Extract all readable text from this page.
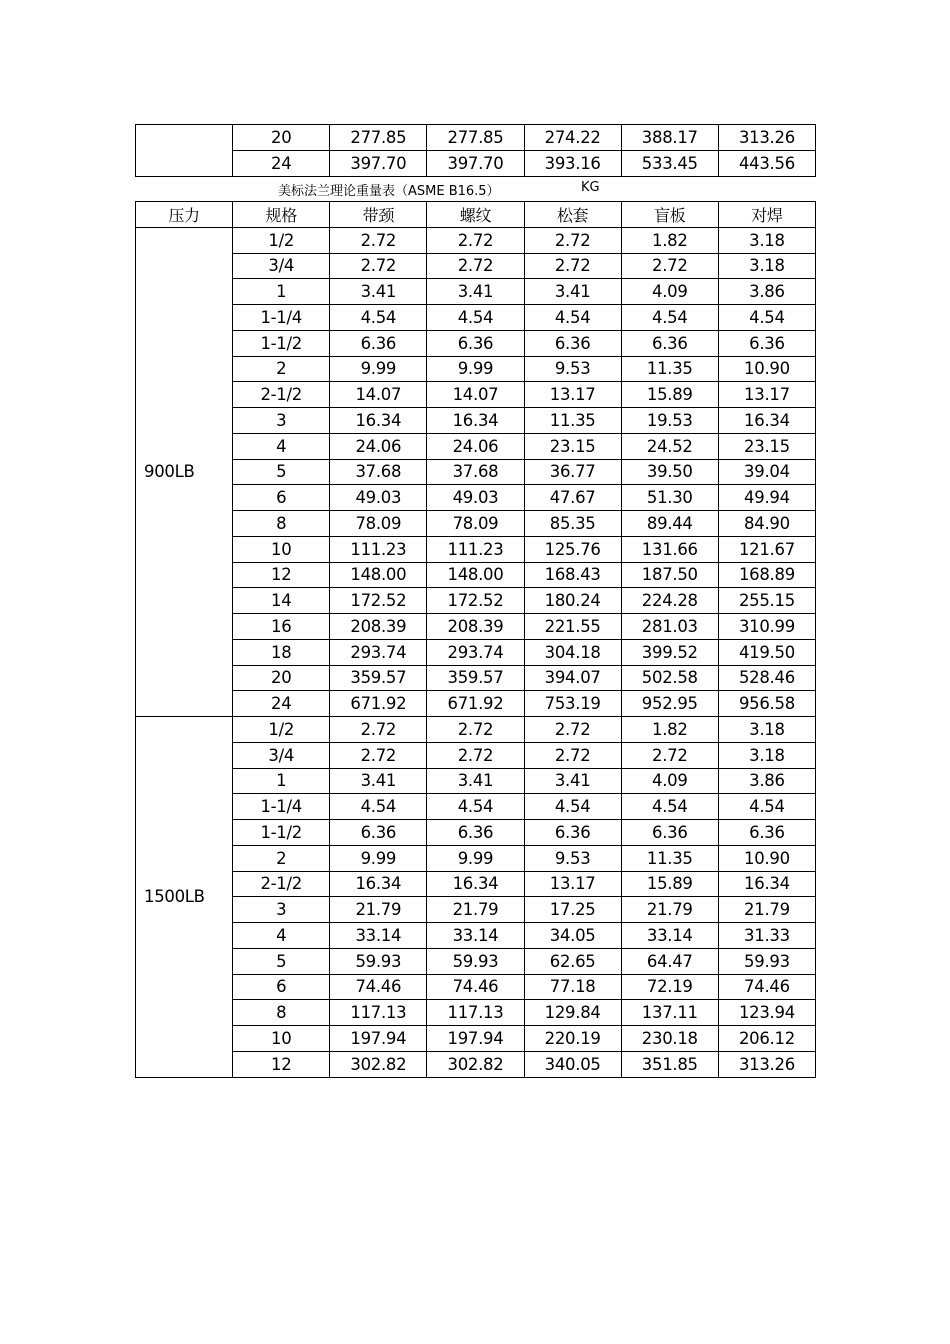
	20	277.85	277.85	274.22	388.17	313.26
	24	397.70	397.70	393.16	533.45	443.56
美标法兰理论重量表（ASME B16.5）	KG
压力	规格	带颈	螺纹	松套	盲板	对焊
900LB	1/2	2.72	2.72	2.72	1.82	3.18
	3/4	2.72	2.72	2.72	2.72	3.18
	1	3.41	3.41	3.41	4.09	3.86
	1-1/4	4.54	4.54	4.54	4.54	4.54
	1-1/2	6.36	6.36	6.36	6.36	6.36
	2	9.99	9.99	9.53	11.35	10.90
	2-1/2	14.07	14.07	13.17	15.89	13.17
	3	16.34	16.34	11.35	19.53	16.34
	4	24.06	24.06	23.15	24.52	23.15
	5	37.68	37.68	36.77	39.50	39.04
	6	49.03	49.03	47.67	51.30	49.94
	8	78.09	78.09	85.35	89.44	84.90
	10	111.23	111.23	125.76	131.66	121.67
	12	148.00	148.00	168.43	187.50	168.89
	14	172.52	172.52	180.24	224.28	255.15
	16	208.39	208.39	221.55	281.03	310.99
	18	293.74	293.74	304.18	399.52	419.50
	20	359.57	359.57	394.07	502.58	528.46
	24	671.92	671.92	753.19	952.95	956.58
1500LB	1/2	2.72	2.72	2.72	1.82	3.18
	3/4	2.72	2.72	2.72	2.72	3.18
	1	3.41	3.41	3.41	4.09	3.86
	1-1/4	4.54	4.54	4.54	4.54	4.54
	1-1/2	6.36	6.36	6.36	6.36	6.36
	2	9.99	9.99	9.53	11.35	10.90
	2-1/2	16.34	16.34	13.17	15.89	16.34
	3	21.79	21.79	17.25	21.79	21.79
	4	33.14	33.14	34.05	33.14	31.33
	5	59.93	59.93	62.65	64.47	59.93
	6	74.46	74.46	77.18	72.19	74.46
	8	117.13	117.13	129.84	137.11	123.94
	10	197.94	197.94	220.19	230.18	206.12
	12	302.82	302.82	340.05	351.85	313.26
